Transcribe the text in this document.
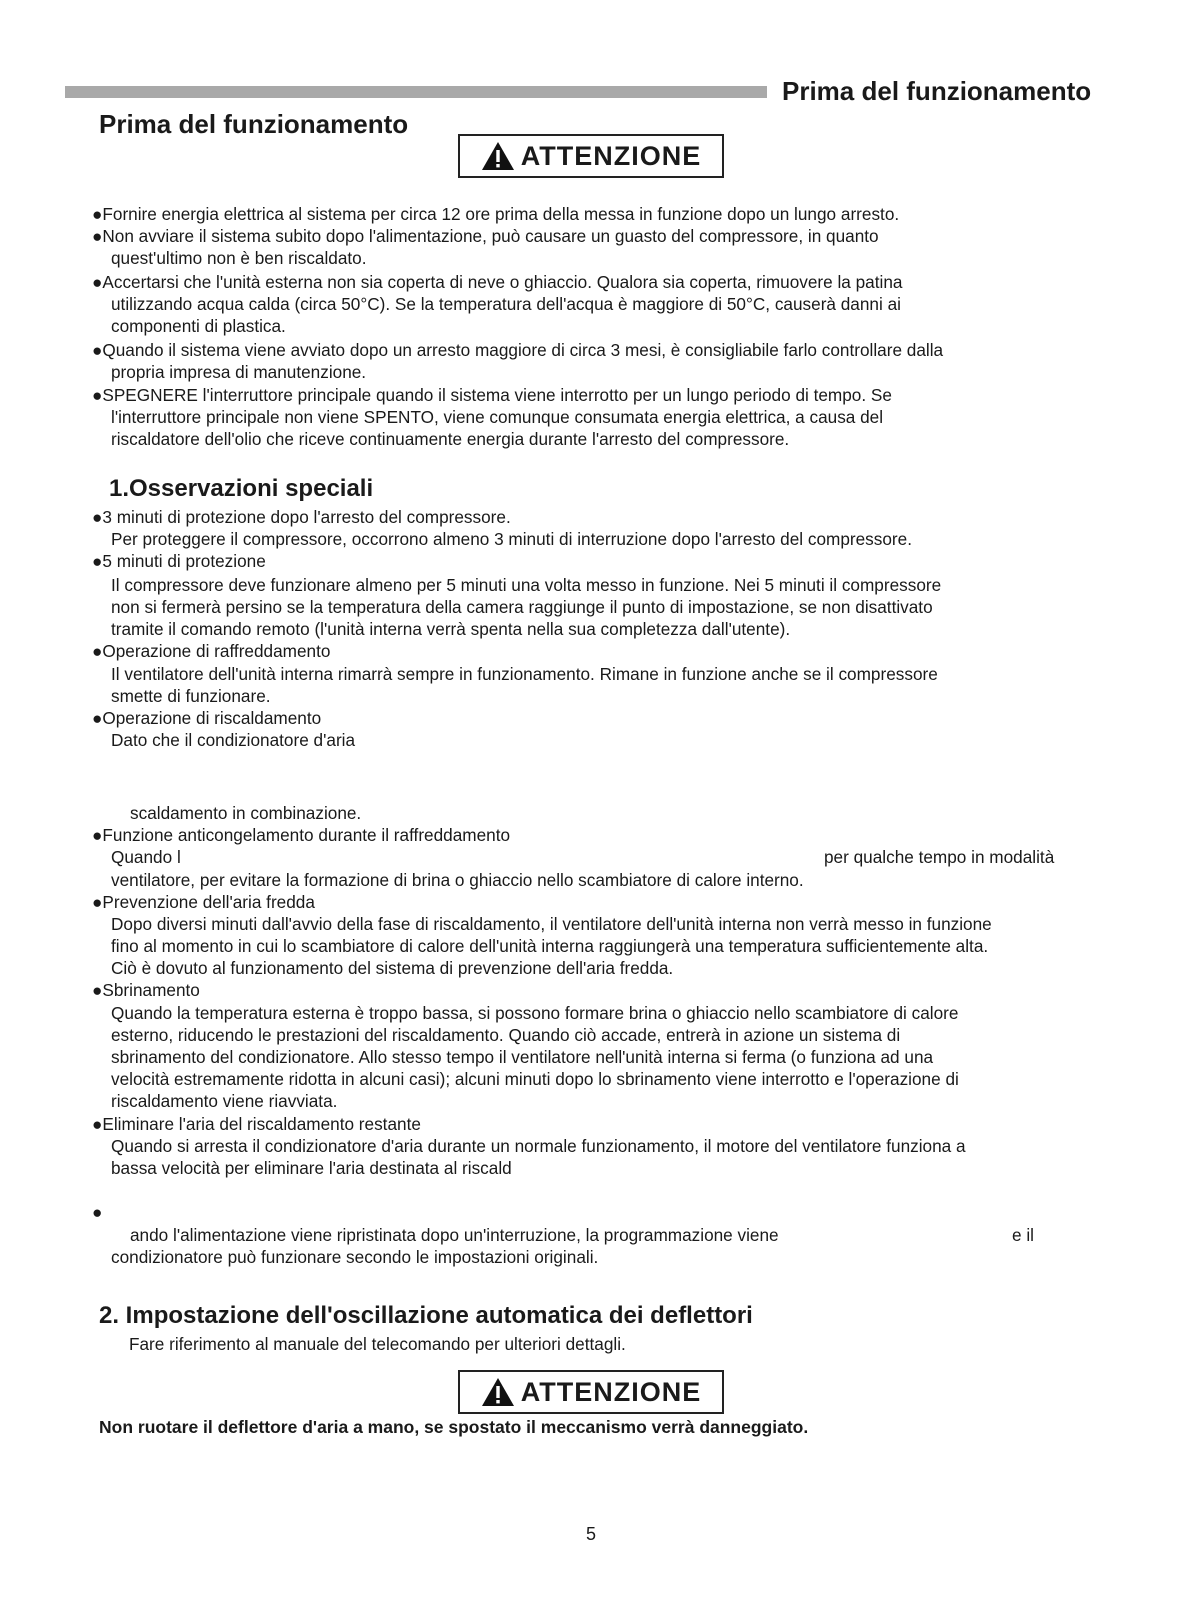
Prima del funzionamento
Prima del funzionamento
ATTENZIONE
●Fornire energia elettrica al sistema per circa 12 ore prima della messa in funzione dopo un lungo arresto.
●Non avviare il sistema subito dopo l'alimentazione, può causare un guasto del compressore, in quanto
quest'ultimo non è ben riscaldato.
●Accertarsi che l'unità esterna non sia coperta di neve o ghiaccio. Qualora sia coperta, rimuovere la patina
utilizzando acqua calda (circa 50°C). Se la temperatura dell'acqua è maggiore di 50°C, causerà danni ai
componenti di plastica.
●Quando il sistema viene avviato dopo un arresto maggiore di circa 3 mesi, è consigliabile farlo controllare dalla
propria impresa di manutenzione.
●SPEGNERE l'interruttore principale quando il sistema viene interrotto per un lungo periodo di tempo. Se
l'interruttore principale non viene SPENTO, viene comunque consumata energia elettrica, a causa del
riscaldatore dell'olio che riceve continuamente energia durante l'arresto del compressore.
1.Osservazioni speciali
●3 minuti di protezione dopo l'arresto del compressore.
Per proteggere il compressore, occorrono almeno 3 minuti di interruzione dopo l'arresto del compressore.
●5 minuti di protezione
Il compressore deve funzionare almeno per 5 minuti una volta messo in funzione. Nei 5 minuti il compressore
non si fermerà persino se la temperatura della camera raggiunge il punto di impostazione, se non disattivato
tramite il comando remoto (l'unità interna verrà spenta nella sua completezza dall'utente).
●Operazione di raffreddamento
Il ventilatore dell'unità interna rimarrà sempre in funzionamento. Rimane in funzione anche se il compressore
smette di funzionare.
●Operazione di riscaldamento
Dato che il condizionatore d'aria
scaldamento in combinazione.
●Funzione anticongelamento durante il raffreddamento
Quando l	per qualche tempo in modalità
ventilatore, per evitare la formazione di brina o ghiaccio nello scambiatore di calore interno.
●Prevenzione dell'aria fredda
Dopo diversi minuti dall'avvio della fase di riscaldamento, il ventilatore dell'unità interna non verrà messo in funzione
fino al momento in cui lo scambiatore di calore dell'unità interna raggiungerà una temperatura sufficientemente alta.
Ciò è dovuto al funzionamento del sistema di prevenzione dell'aria fredda.
●Sbrinamento
Quando la temperatura esterna è troppo bassa, si possono formare brina o ghiaccio nello scambiatore di calore
esterno, riducendo le prestazioni del riscaldamento. Quando ciò accade, entrerà in azione un sistema di
sbrinamento del condizionatore. Allo stesso tempo il ventilatore nell'unità interna si ferma (o funziona ad una
velocità estremamente ridotta in alcuni casi); alcuni minuti dopo lo sbrinamento viene interrotto e l'operazione di
riscaldamento viene riavviata.
●Eliminare l'aria del riscaldamento restante
Quando si arresta il condizionatore d'aria durante un normale funzionamento, il motore del ventilatore funziona a
bassa velocità per eliminare l'aria destinata al riscald
●
ando l'alimentazione viene ripristinata dopo un'interruzione, la programmazione viene	e il
condizionatore può funzionare secondo le impostazioni originali.
2. Impostazione dell'oscillazione automatica dei deflettori
Fare riferimento al manuale del telecomando per ulteriori dettagli.
ATTENZIONE
Non ruotare il deflettore d'aria a mano, se spostato il meccanismo verrà danneggiato.
5
